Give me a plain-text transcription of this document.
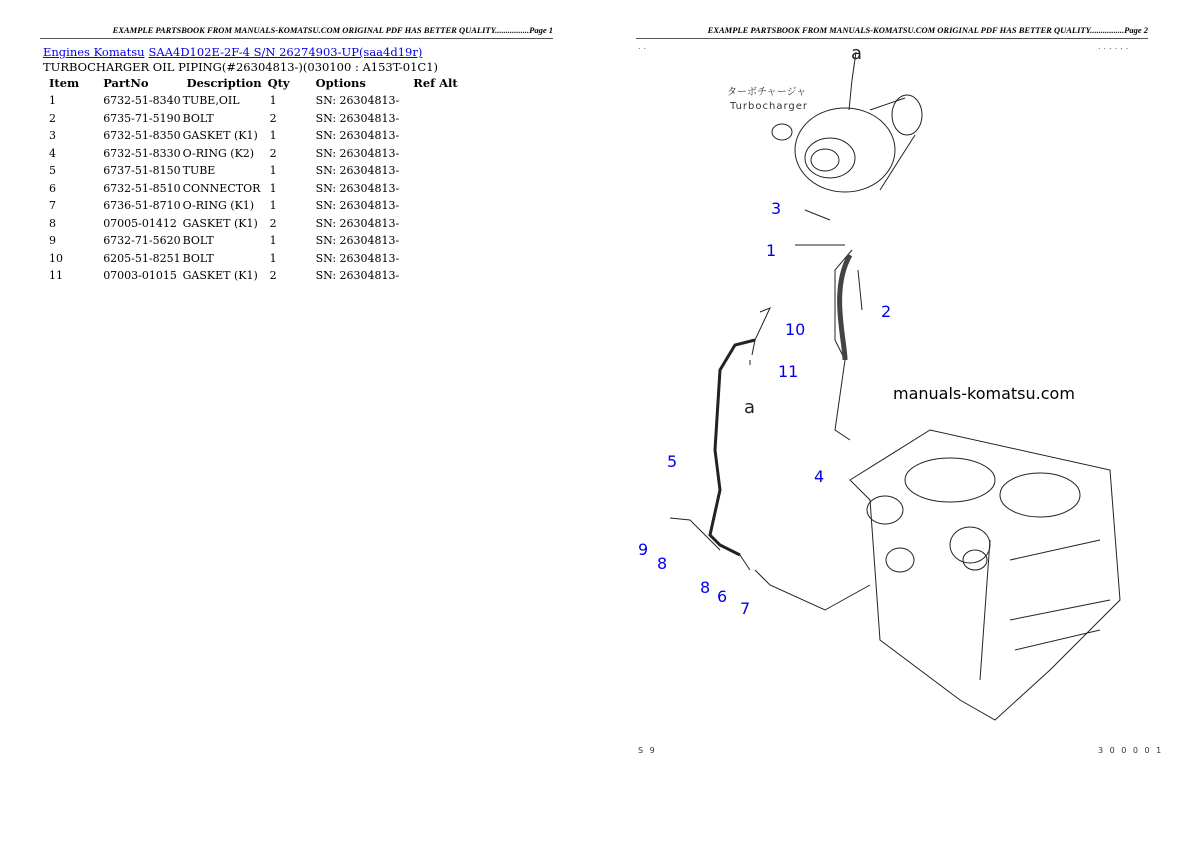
EXAMPLE PARTSBOOK FROM MANUALS-KOMATSU.COM ORIGINAL PDF HAS BETTER QUALITY................Page 1
Engines Komatsu SAA4D102E-2F-4 S/N 26274903-UP(saa4d19r)
TURBOCHARGER OIL PIPING(#26304813-)(030100 : A153T-01C1)
Item	PartNo	Description	Qty	Options	Ref Alt
1	6732-51-8340	TUBE,OIL	1	SN: 26304813-	
2	6735-71-5190	BOLT	2	SN: 26304813-	
3	6732-51-8350	GASKET (K1)	1	SN: 26304813-	
4	6732-51-8330	O-RING (K2)	2	SN: 26304813-	
5	6737-51-8150	TUBE	1	SN: 26304813-	
6	6732-51-8510	CONNECTOR	1	SN: 26304813-	
7	6736-51-8710	O-RING (K1)	1	SN: 26304813-	
8	07005-01412	GASKET (K1)	2	SN: 26304813-	
9	6732-71-5620	BOLT	1	SN: 26304813-	
10	6205-51-8251	BOLT	1	SN: 26304813-	
11	07003-01015	GASKET (K1)	2	SN: 26304813-	
EXAMPLE PARTSBOOK FROM MANUALS-KOMATSU.COM ORIGINAL PDF HAS BETTER QUALITY................Page 2
..	......
ターボチャージャ
Turbocharger
a
a
manuals-komatsu.com
3
1
2
10
11
5
4
9
8
8 6
7
S 9	3 0 0 0 0 1
